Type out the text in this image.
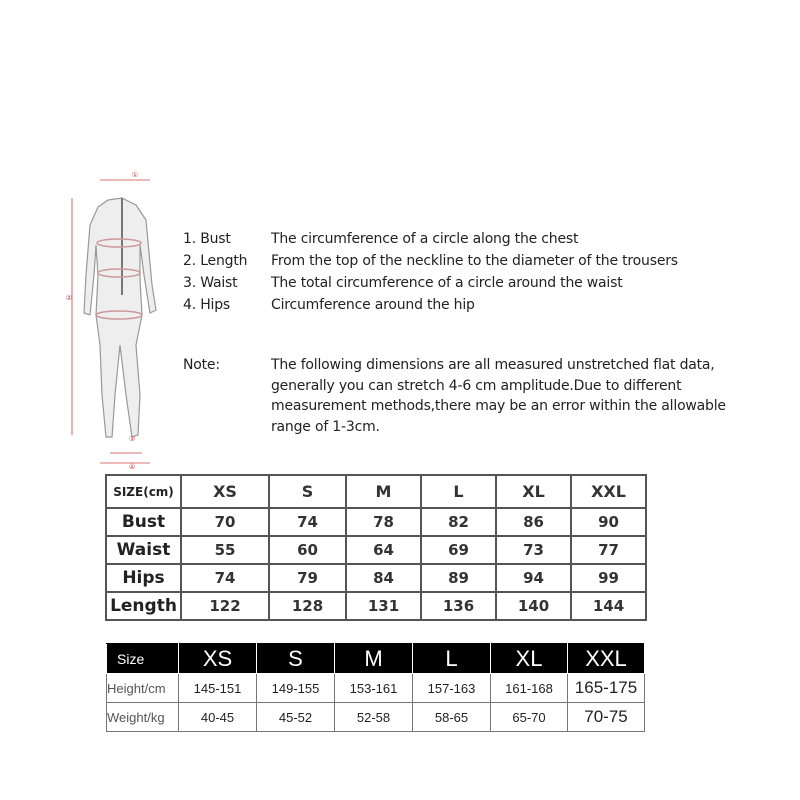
①
②
③
④
1. Bust	The circumference of a circle along the chest
2. Length From the top of the neckline to the diameter of the trousers
3. Waist The total circumference of a circle around the waist
4. Hips	Circumference around the hip
Note:	The following dimensions are all measured unstretched flat data,
generally you can stretch 4-6 cm amplitude.Due to different
measurement methods,there may be an error within the allowable
range of 1-3cm.
SIZE(cm)	XS	S	M	L	XL	XXL
Bust	70	74	78	82	86	90
Waist	55	60	64	69	73	77
Hips	74	79	84	89	94	99
Length	122	128	131	136	140	144
Size	XS	S	M	L	XL	XXL
Height/cm	145-151	149-155	153-161	157-163	161-168	165-175
Weight/kg	40-45	45-52	52-58	58-65	65-70	70-75
